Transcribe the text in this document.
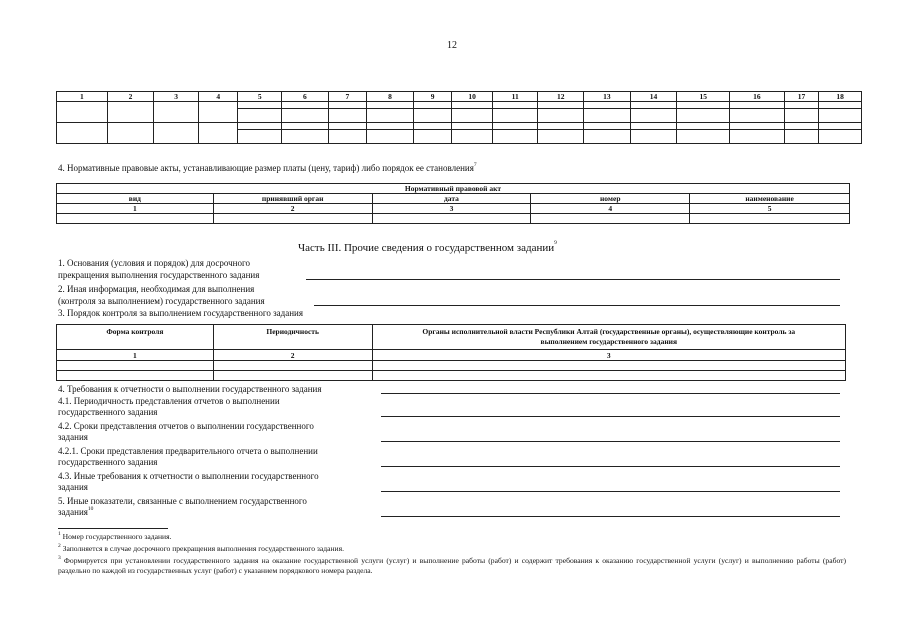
12
1	2	3	4	5	6	7	8	9	10	11	12	13	14	15	16	17	18

4. Нормативные правовые акты, устанавливающие размер платы (цену, тариф) либо порядок ее становления$^7$
Нормативный правовой акт				
вид	принявший орган	дата	номер	наименование
1	2	3	4	5

Часть III. Прочие сведения о государственном задании$^9$
1. Основания (условия и порядок) для досрочного
прекращения выполнения государственного задания
2. Иная информация, необходимая для выполнения
(контроля за выполнением) государственного задания
3. Порядок контроля за выполнением государственного задания
Форма контроля	Периодичность	Органы исполнительной власти Республики Алтай (государственные органы), осуществляющие контроль за выполнением государственного задания
1	2	3

4. Требования к отчетности о выполнении государственного задания
4.1. Периодичность представления отчетов о выполнении
государственного задания
4.2. Сроки представления отчетов о выполнении государственного
задания
4.2.1. Сроки представления предварительного отчета о выполнении
государственного задания
4.3. Иные требования к отчетности о выполнении государственного
задания
5. Иные показатели, связанные с выполнением государственного
задания$^{10}$
$^1$ Номер государственного задания.
$^2$ Заполняется в случае досрочного прекращения выполнения государственного задания.
$^3$ Формируется при установлении государственного задания на оказание государственной услуги (услуг) и выполнение работы (работ) и содержит требования к оказанию государственной услуги (услуг) и выполнению работы (работ) раздельно по каждой из государственных услуг (работ) с указанием порядкового номера раздела.
